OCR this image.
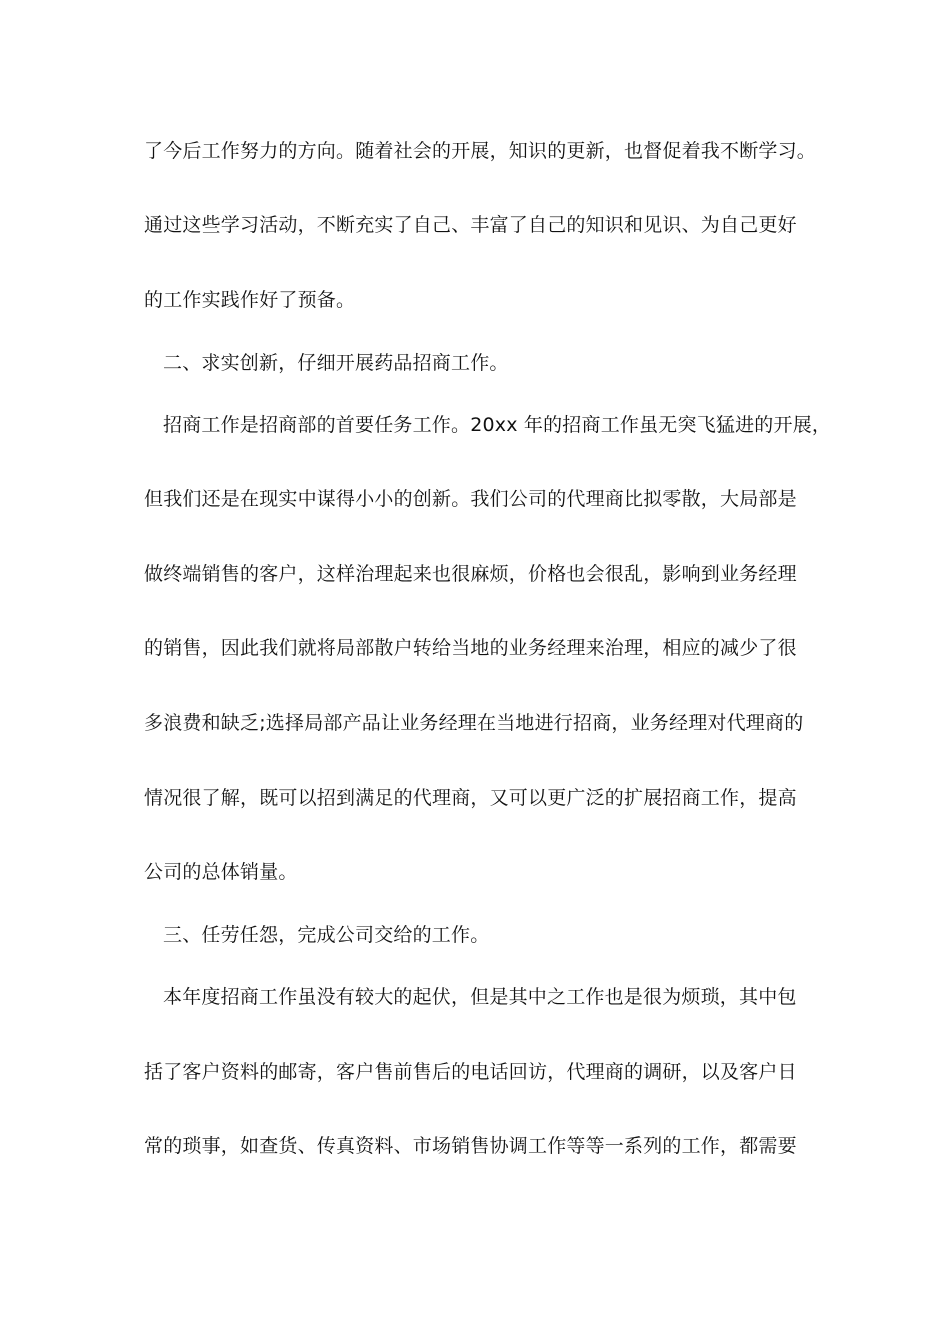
了今后工作努力的方向。随着社会的开展，知识的更新，也督促着我不断学习。
通过这些学习活动，不断充实了自己、丰富了自己的知识和见识、为自己更好
的工作实践作好了预备。
二、求实创新，仔细开展药品招商工作。
招商工作是招商部的首要任务工作。20xx 年的招商工作虽无突飞猛进的开展，
但我们还是在现实中谋得小小的创新。我们公司的代理商比拟零散，大局部是
做终端销售的客户，这样治理起来也很麻烦，价格也会很乱，影响到业务经理
的销售，因此我们就将局部散户转给当地的业务经理来治理，相应的减少了很
多浪费和缺乏;选择局部产品让业务经理在当地进行招商，业务经理对代理商的
情况很了解，既可以招到满足的代理商，又可以更广泛的扩展招商工作，提高
公司的总体销量。
三、任劳任怨，完成公司交给的工作。
本年度招商工作虽没有较大的起伏，但是其中之工作也是很为烦琐，其中包
括了客户资料的邮寄，客户售前售后的电话回访，代理商的调研，以及客户日
常的琐事，如查货、传真资料、市场销售协调工作等等一系列的工作，都需要
